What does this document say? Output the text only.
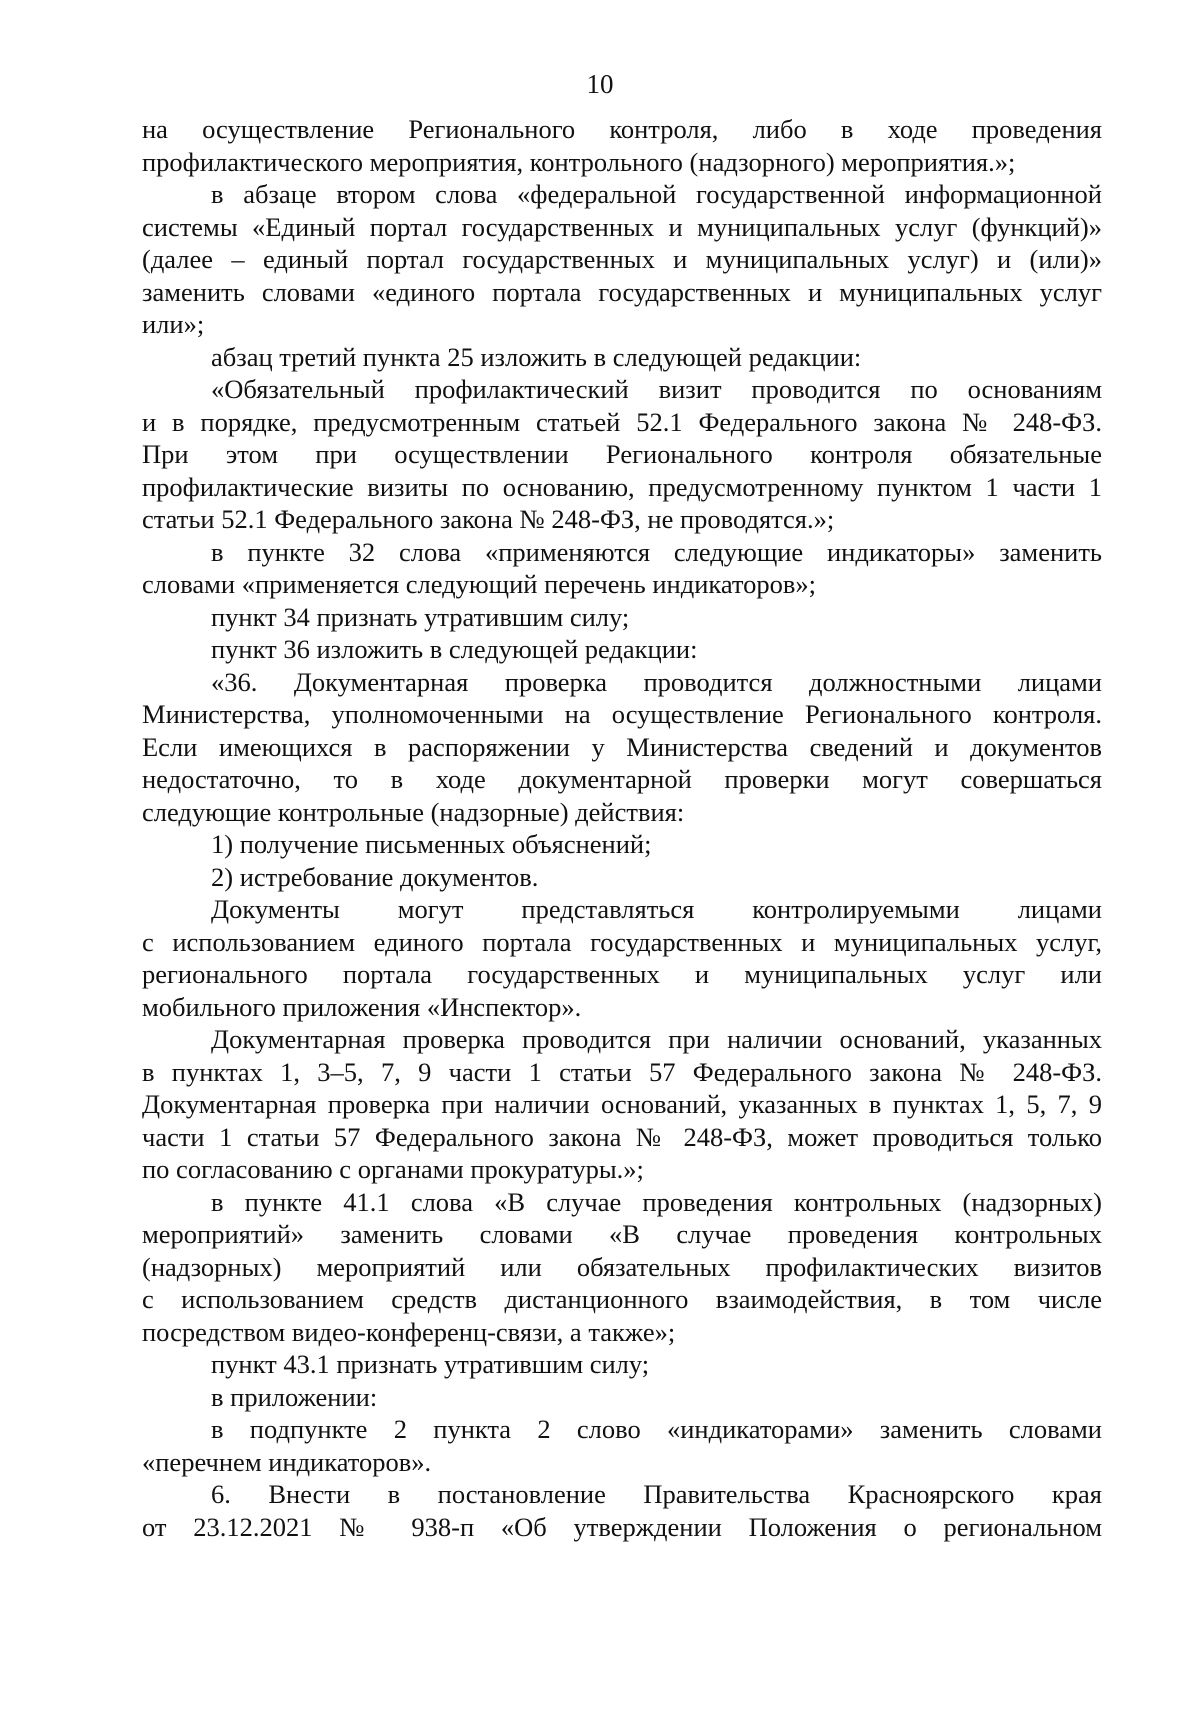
10
на осуществление Регионального контроля, либо в ходе проведения
профилактического мероприятия, контрольного (надзорного) мероприятия.»;
в абзаце втором слова «федеральной государственной информационной
системы «Единый портал государственных и муниципальных услуг (функций)»
(далее – единый портал государственных и муниципальных услуг) и (или)»
заменить словами «единого портала государственных и муниципальных услуг
или»;
абзац третий пункта 25 изложить в следующей редакции:
«Обязательный профилактический визит проводится по основаниям
и в порядке, предусмотренным статьей 52.1 Федерального закона № 248-ФЗ.
При этом при осуществлении Регионального контроля обязательные
профилактические визиты по основанию, предусмотренному пунктом 1 части 1
статьи 52.1 Федерального закона № 248-ФЗ, не проводятся.»;
в пункте 32 слова «применяются следующие индикаторы» заменить
словами «применяется следующий перечень индикаторов»;
пункт 34 признать утратившим силу;
пункт 36 изложить в следующей редакции:
«36. Документарная проверка проводится должностными лицами
Министерства, уполномоченными на осуществление Регионального контроля.
Если имеющихся в распоряжении у Министерства сведений и документов
недостаточно, то в ходе документарной проверки могут совершаться
следующие контрольные (надзорные) действия:
1) получение письменных объяснений;
2) истребование документов.
Документы могут представляться контролируемыми лицами
с использованием единого портала государственных и муниципальных услуг,
регионального портала государственных и муниципальных услуг или
мобильного приложения «Инспектор».
Документарная проверка проводится при наличии оснований, указанных
в пунктах 1, 3–5, 7, 9 части 1 статьи 57 Федерального закона № 248-ФЗ.
Документарная проверка при наличии оснований, указанных в пунктах 1, 5, 7, 9
части 1 статьи 57 Федерального закона № 248-ФЗ, может проводиться только
по согласованию с органами прокуратуры.»;
в пункте 41.1 слова «В случае проведения контрольных (надзорных)
мероприятий» заменить словами «В случае проведения контрольных
(надзорных) мероприятий или обязательных профилактических визитов
с использованием средств дистанционного взаимодействия, в том числе
посредством видео-конференц-связи, а также»;
пункт 43.1 признать утратившим силу;
в приложении:
в подпункте 2 пункта 2 слово «индикаторами» заменить словами
«перечнем индикаторов».
6. Внести в постановление Правительства Красноярского края
от 23.12.2021 № 938-п «Об утверждении Положения о региональном
